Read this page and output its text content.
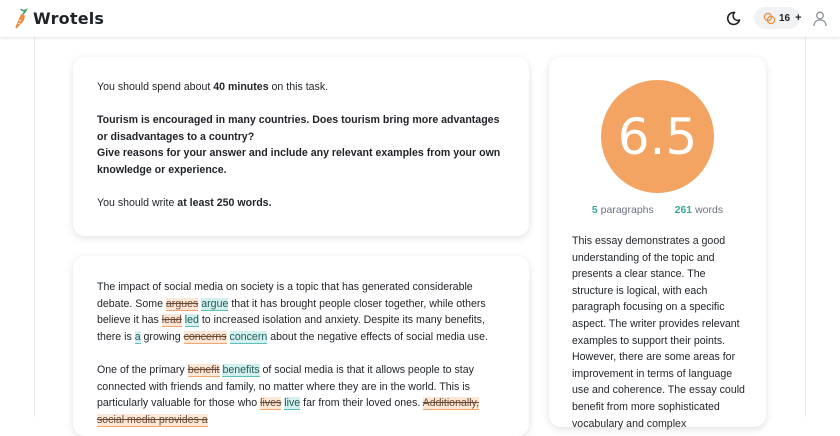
Wrotels	16 +

You should spend about 40 minutes on this task.

Tourism is encouraged in many countries. Does tourism bring more advantages or disadvantages to a country?

Give reasons for your answer and include any relevant examples from your own knowledge or experience.

You should write at least 250 words.

The impact of social media on society is a topic that has generated considerable debate. Some argues argue that it has brought people closer together, while others believe it has lead led to increased isolation and anxiety. Despite its many benefits, there is a growing concerns concern about the negative effects of social media use.

One of the primary benefit benefits of social media is that it allows people to stay connected with friends and family, no matter where they are in the world. This is particularly valuable for those who lives live far from their loved ones. Additionally, social media provides a

6.5
5 paragraphs 261 words
This essay demonstrates a good understanding of the topic and presents a clear stance. The structure is logical, with each paragraph focusing on a specific aspect. The writer provides relevant examples to support their points. However, there are some areas for improvement in terms of language use and coherence. The essay could benefit from more sophisticated vocabulary and complex
